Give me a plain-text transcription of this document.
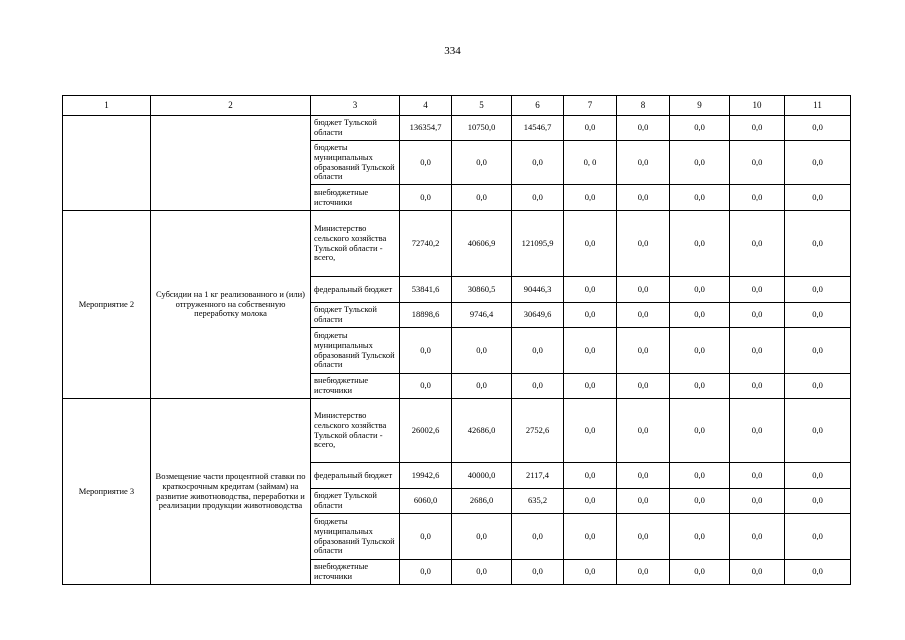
334
1	2	3	4	5	6	7	8	9	10	11
		бюджет Тульской области	136354,7	10750,0	14546,7	0,0	0,0	0,0	0,0	0,0
		бюджеты муниципальных образований Тульской области	0,0	0,0	0,0	0, 0	0,0	0,0	0,0	0,0
		внебюджетные источники	0,0	0,0	0,0	0,0	0,0	0,0	0,0	0,0
Мероприятие 2	Субсидии на 1 кг реализованного и (или) отгруженного на собственную переработку молока	Министерство сельского хозяйства Тульской области - всего,	72740,2	40606,9	121095,9	0,0	0,0	0,0	0,0	0,0
		федеральный бюджет	53841,6	30860,5	90446,3	0,0	0,0	0,0	0,0	0,0
		бюджет Тульской области	18898,6	9746,4	30649,6	0,0	0,0	0,0	0,0	0,0
		бюджеты муниципальных образований Тульской области	0,0	0,0	0,0	0,0	0,0	0,0	0,0	0,0
		внебюджетные источники	0,0	0,0	0,0	0,0	0,0	0,0	0,0	0,0
Мероприятие 3	Возмещение части процентной ставки по краткосрочным кредитам (займам) на развитие животноводства, переработки и реализации продукции животноводства	Министерство сельского хозяйства Тульской области - всего,	26002,6	42686,0	2752,6	0,0	0,0	0,0	0,0	0,0
		федеральный бюджет	19942,6	40000,0	2117,4	0,0	0,0	0,0	0,0	0,0
		бюджет Тульской области	6060,0	2686,0	635,2	0,0	0,0	0,0	0,0	0,0
		бюджеты муниципальных образований Тульской области	0,0	0,0	0,0	0,0	0,0	0,0	0,0	0,0
		внебюджетные источники	0,0	0,0	0,0	0,0	0,0	0,0	0,0	0,0
